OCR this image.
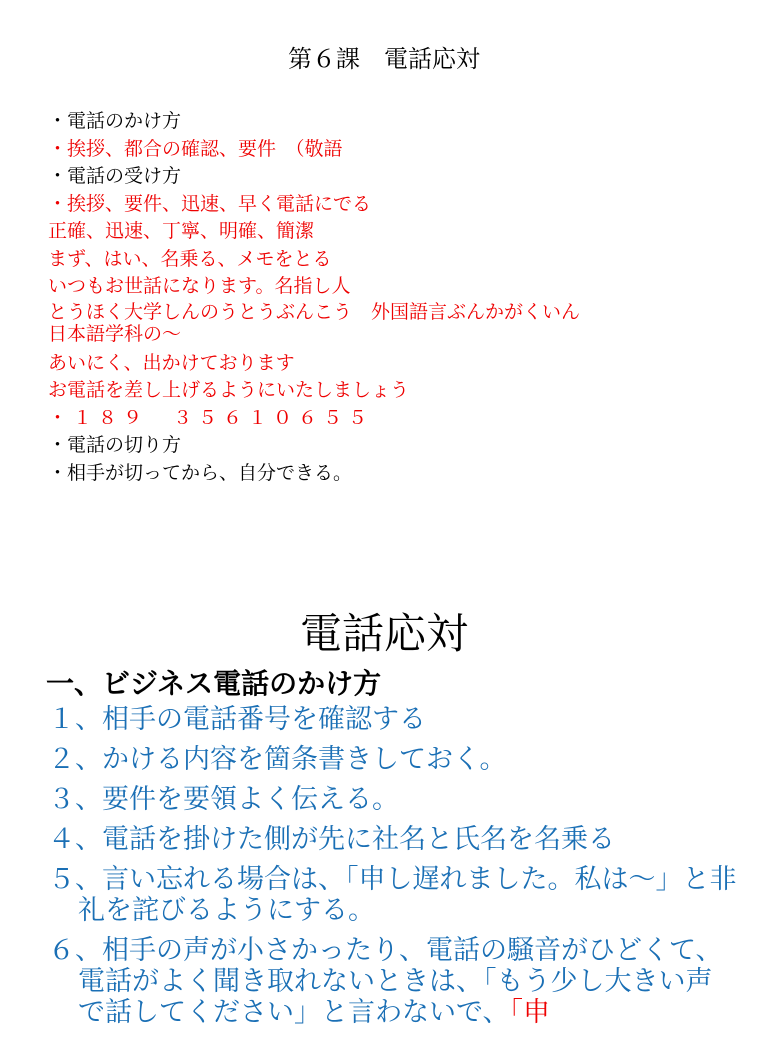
第６課　電話応対
・電話のかけ方
・挨拶、都合の確認、要件　（敬語
・電話の受け方
・挨拶、要件、迅速、早く電話にでる
正確、迅速、丁寧、明確、簡潔
まず、はい、名乗る、メモをとる
いつもお世話になります。名指し人
とうほく大学しんのうとうぶんこう　外国語言ぶんかがくいん
日本語学科の～
あいにく、出かけております
お電話を差し上げるようにいたしましょう
・１８９　３５６１０６５５
・電話の切り方
・相手が切ってから、自分できる。
電話応対
一、ビジネス電話のかけ方
１、相手の電話番号を確認する
２、かける内容を箇条書きしておく。
３、要件を要領よく伝える。
４、電話を掛けた側が先に社名と氏名を名乗る
５、言い忘れる場合は、「申し遅れました。私は～」と非礼を詫びるようにする。
６、相手の声が小さかったり、電話の騒音がひどくて、電話がよく聞き取れないときは、「もう少し大きい声で話してください」と言わないで、「申
